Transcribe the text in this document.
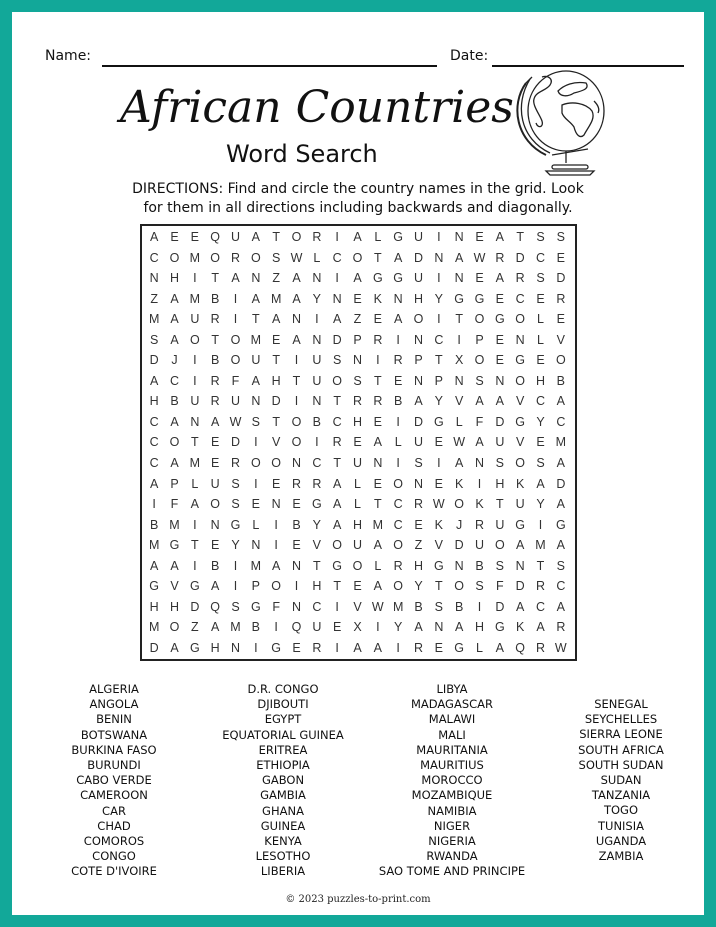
Name:	Date:
African Countries
Word Search
DIRECTIONS: Find and circle the country names in the grid. Look
for them in all directions including backwards and diagonally.
A E E Q U A T O R	I	A	L G U	I	N E A T S S
C O M O R O S W L C O T A D N A W R D C E
N H	I	T A N Z A N	I	A G G U	I	N E A R S D
Z A M B	I	A M A Y N E K N H Y G G E C E R
M A U R	I	T A N	I	A Z E A O	I	T O G O L	E
S A O T O M E A N D P R	I	N C	I	P E N L	V
D	J	I	B O U T	I	U S N	I	R P T X O E G E O
A C	I	R F A H T U O S T E N P N S N O H B
H B U R U N D	I	N T R R B A Y V A A V C A
C A N A W S T O B C H E	I	D G L	F D G Y C
C O T E D	I	V O	I	R E A	L U E W A U V E M
C A M E R O O N C T U N	I	S	I	A N S O S A
A P	L U S	I	E R R A	L	E O N E K	I	H K A D
I	F A O S E N E G A	L	T C R W O K T U Y A
B M	I	N G L	I	B Y A H M C E K	J	R U G	I	G
M G T E Y N	I	E V O U A O Z V D U O A M A
A A	I	B	I	M A N T G O L R H G N B S N T S
G V G A	I	P O	I	H T E A O Y T O S F D R C
H H D Q S G F N C	I	V W M B S B	I	D A C A
M O Z A M B	I	Q U E X	I	Y A N A H G K A R
D A G H N	I	G E R	I	A A	I	R E G L	A Q R W
ALGERIA
ANGOLA
BENIN
BOTSWANA
BURKINA FASO
BURUNDI
CABO VERDE
CAMEROON
CAR
CHAD
COMOROS
CONGO
COTE D'IVOIRE
D.R. CONGO
DJIBOUTI
EGYPT
EQUATORIAL GUINEA
ERITREA
ETHIOPIA
GABON
GAMBIA
GHANA
GUINEA
KENYA
LESOTHO
LIBERIA
LIBYA
MADAGASCAR
MALAWI
MALI
MAURITANIA
MAURITIUS
MOROCCO
MOZAMBIQUE
NAMIBIA
NIGER
NIGERIA
RWANDA
SAO TOME AND PRINCIPE
SENEGAL
SEYCHELLES
SIERRA LEONE
SOUTH AFRICA
SOUTH SUDAN
SUDAN
TANZANIA
TOGO
TUNISIA
UGANDA
ZAMBIA
© 2023 puzzles-to-print.com
